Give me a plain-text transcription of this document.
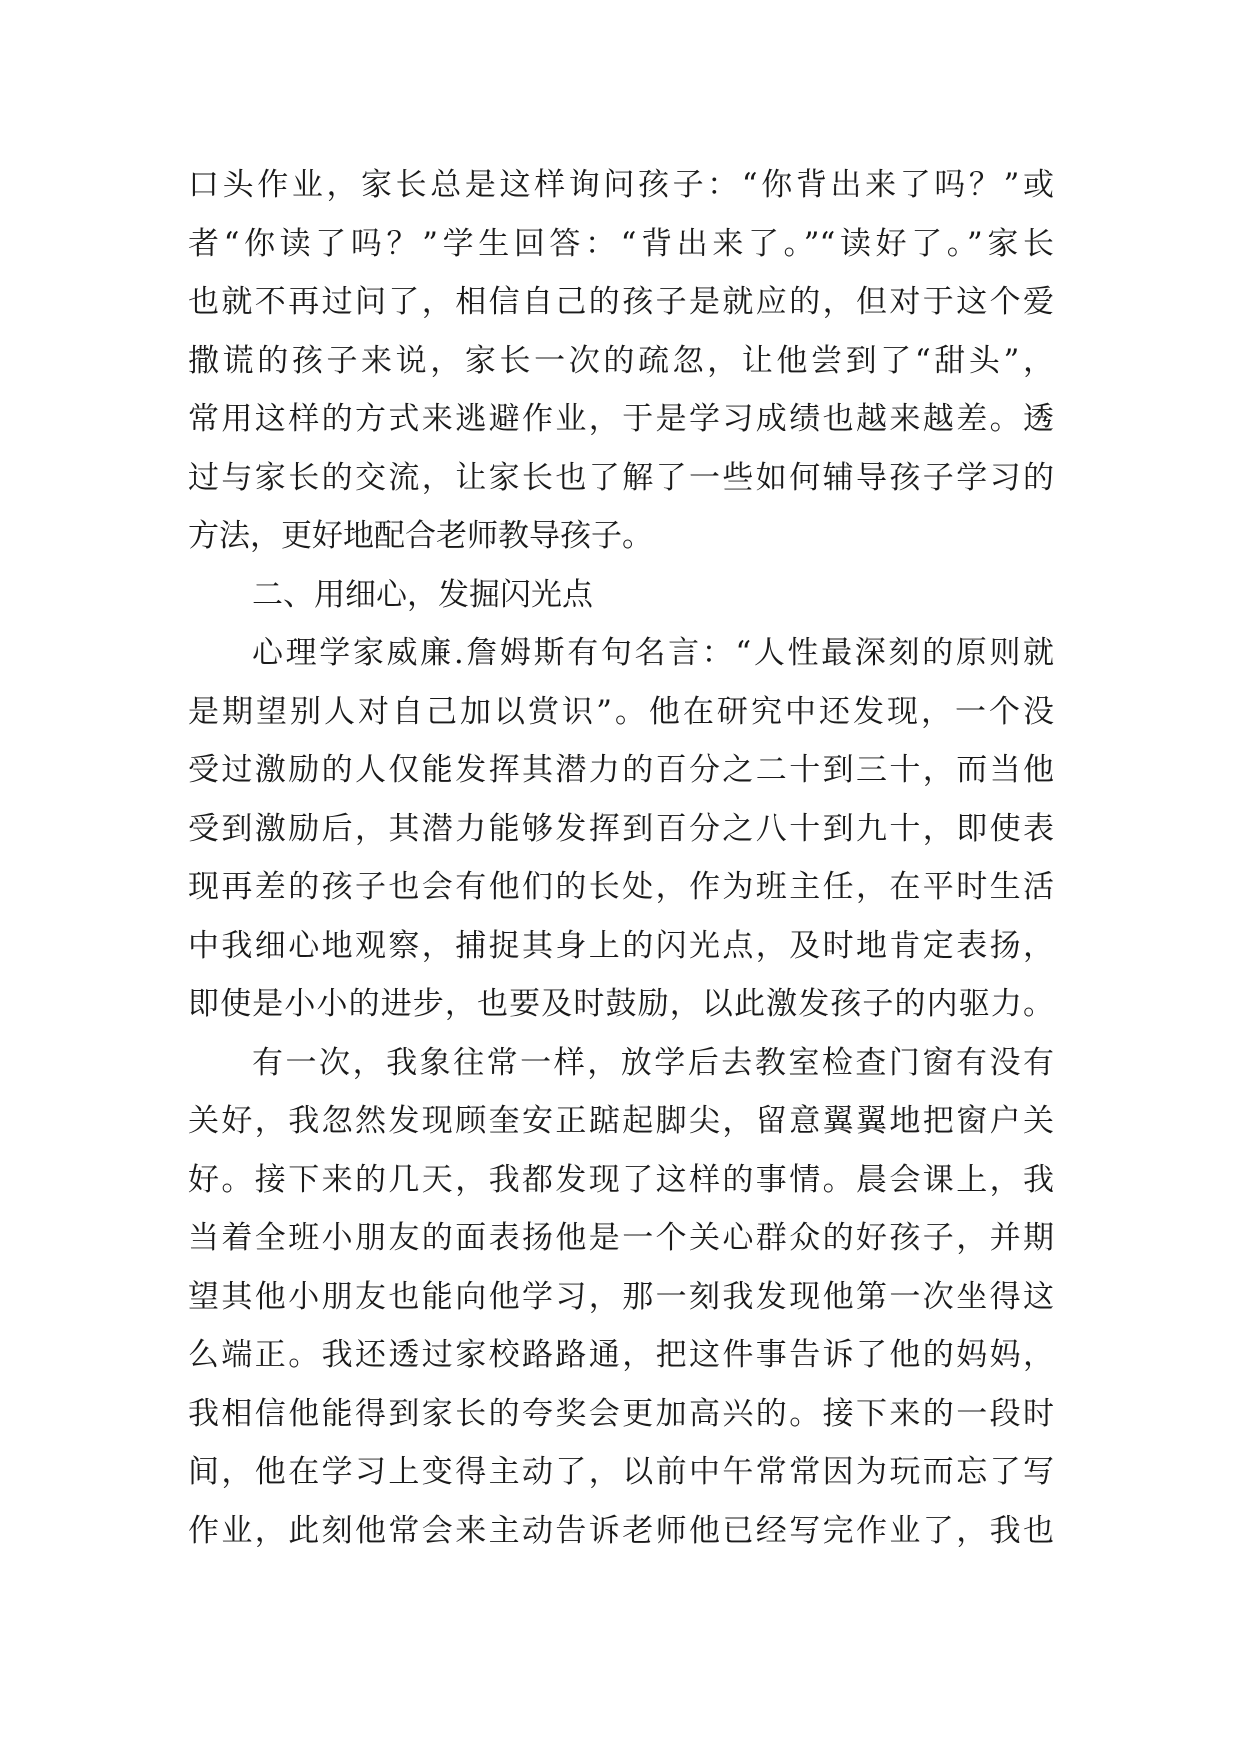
口头作业，家长总是这样询问孩子：“你背出来了吗？”或
者“你读了吗？”学生回答：“背出来了。”“读好了。”家长
也就不再过问了，相信自己的孩子是就应的，但对于这个爱
撒谎的孩子来说，家长一次的疏忽，让他尝到了“甜头”，
常用这样的方式来逃避作业，于是学习成绩也越来越差。透
过与家长的交流，让家长也了解了一些如何辅导孩子学习的
方法，更好地配合老师教导孩子。
二、用细心，发掘闪光点
心理学家威廉.詹姆斯有句名言：“人性最深刻的原则就
是期望别人对自己加以赏识”。他在研究中还发现，一个没
受过激励的人仅能发挥其潜力的百分之二十到三十，而当他
受到激励后，其潜力能够发挥到百分之八十到九十，即使表
现再差的孩子也会有他们的长处，作为班主任，在平时生活
中我细心地观察，捕捉其身上的闪光点，及时地肯定表扬，
即使是小小的进步，也要及时鼓励，以此激发孩子的内驱力。
有一次，我象往常一样，放学后去教室检查门窗有没有
关好，我忽然发现顾奎安正踮起脚尖，留意翼翼地把窗户关
好。接下来的几天，我都发现了这样的事情。晨会课上，我
当着全班小朋友的面表扬他是一个关心群众的好孩子，并期
望其他小朋友也能向他学习，那一刻我发现他第一次坐得这
么端正。我还透过家校路路通，把这件事告诉了他的妈妈，
我相信他能得到家长的夸奖会更加高兴的。接下来的一段时
间，他在学习上变得主动了，以前中午常常因为玩而忘了写
作业，此刻他常会来主动告诉老师他已经写完作业了，我也
